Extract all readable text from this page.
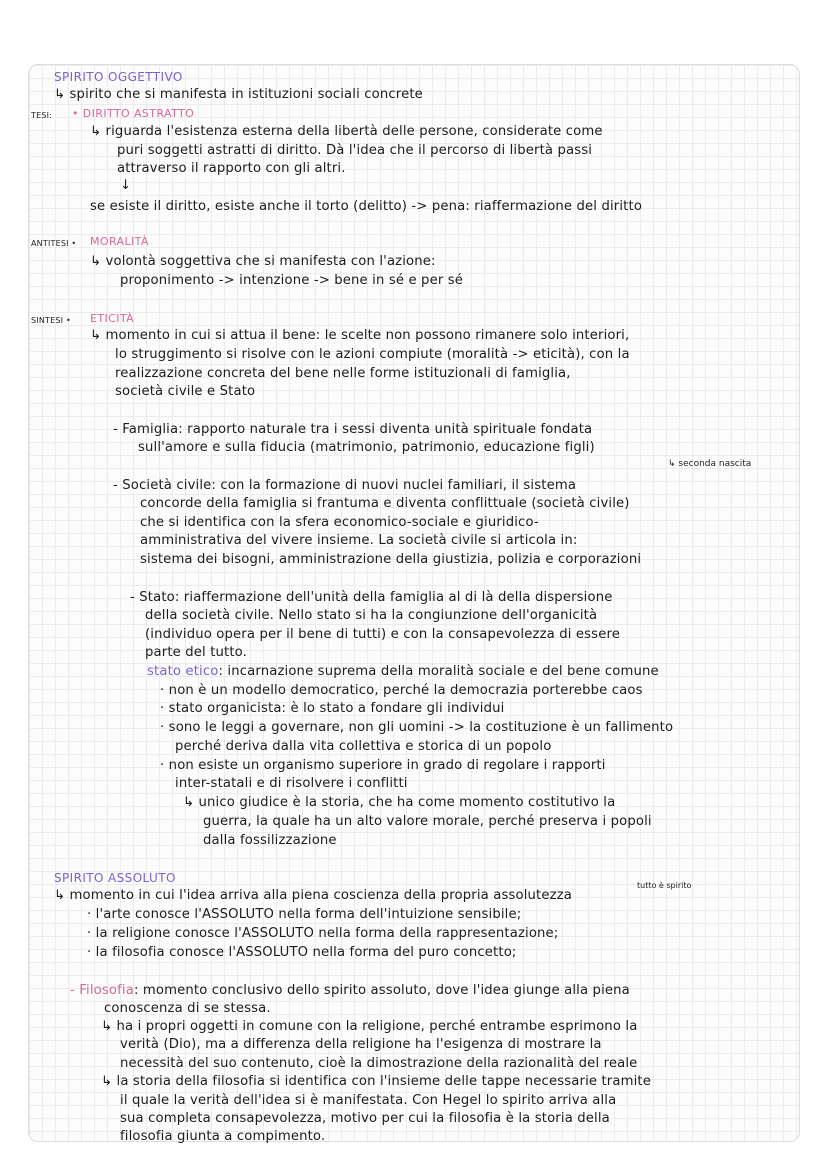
SPIRITO OGGETTIVO
↳ spirito che si manifesta in istituzioni sociali concrete
TESI: • DIRITTO ASTRATTO
↳ riguarda l'esistenza esterna della libertà delle persone, considerate come
puri soggetti astratti di diritto. Dà l'idea che il percorso di libertà passi
attraverso il rapporto con gli altri.
↓
se esiste il diritto, esiste anche il torto (delitto) -> pena: riaffermazione del diritto
ANTITESI • MORALITÀ
↳ volontà soggettiva che si manifesta con l'azione:
proponimento -> intenzione -> bene in sé e per sé
SINTESI • ETICITÀ
↳ momento in cui si attua il bene: le scelte non possono rimanere solo interiori,
lo struggimento si risolve con le azioni compiute (moralità -> eticità), con la
realizzazione concreta del bene nelle forme istituzionali di famiglia,
società civile e Stato
- Famiglia: rapporto naturale tra i sessi diventa unità spirituale fondata
sull'amore e sulla fiducia (matrimonio, patrimonio, educazione figli)
↳ seconda nascita
- Società civile: con la formazione di nuovi nuclei familiari, il sistema
concorde della famiglia si frantuma e diventa conflittuale (società civile)
che si identifica con la sfera economico-sociale e giuridico-
amministrativa del vivere insieme. La società civile si articola in:
sistema dei bisogni, amministrazione della giustizia, polizia e corporazioni
- Stato: riaffermazione dell'unità della famiglia al di là della dispersione
della società civile. Nello stato si ha la congiunzione dell'organicità
(individuo opera per il bene di tutti) e con la consapevolezza di essere
parte del tutto.
stato etico: incarnazione suprema della moralità sociale e del bene comune
· non è un modello democratico, perché la democrazia porterebbe caos
· stato organicista: è lo stato a fondare gli individui
· sono le leggi a governare, non gli uomini -> la costituzione è un fallimento
perché deriva dalla vita collettiva e storica di un popolo
· non esiste un organismo superiore in grado di regolare i rapporti
inter-statali e di risolvere i conflitti
↳ unico giudice è la storia, che ha come momento costitutivo la
guerra, la quale ha un alto valore morale, perché preserva i popoli
dalla fossilizzazione
SPIRITO ASSOLUTO
tutto è spirito
↳ momento in cui l'idea arriva alla piena coscienza della propria assolutezza
· l'arte conosce l'ASSOLUTO nella forma dell'intuizione sensibile;
· la religione conosce l'ASSOLUTO nella forma della rappresentazione;
· la filosofia conosce l'ASSOLUTO nella forma del puro concetto;
- Filosofia: momento conclusivo dello spirito assoluto, dove l'idea giunge alla piena
conoscenza di se stessa.
↳ ha i propri oggetti in comune con la religione, perché entrambe esprimono la
verità (Dio), ma a differenza della religione ha l'esigenza di mostrare la
necessità del suo contenuto, cioè la dimostrazione della razionalità del reale
↳ la storia della filosofia si identifica con l'insieme delle tappe necessarie tramite
il quale la verità dell'idea si è manifestata. Con Hegel lo spirito arriva alla
sua completa consapevolezza, motivo per cui la filosofia è la storia della
filosofia giunta a compimento.
